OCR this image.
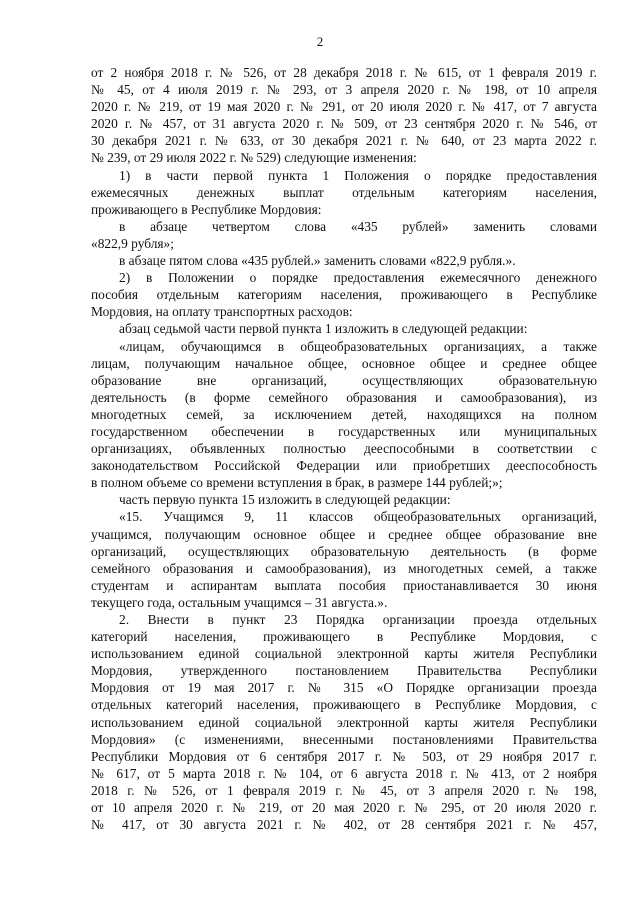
2

от 2 ноября 2018 г. № 526, от 28 декабря 2018 г. № 615, от 1 февраля 2019 г.

№ 45, от 4 июля 2019 г. № 293, от 3 апреля 2020 г. № 198, от 10 апреля

2020 г. № 219, от 19 мая 2020 г. № 291, от 20 июля 2020 г. № 417, от 7 августа

2020 г. № 457, от 31 августа 2020 г. № 509, от 23 сентября 2020 г. № 546, от

30 декабря 2021 г. № 633, от 30 декабря 2021 г. № 640, от 23 марта 2022 г.

№ 239, от 29 июля 2022 г. № 529) следующие изменения:

1) в части первой пункта 1 Положения о порядке предоставления

ежемесячных денежных выплат отдельным категориям населения,

проживающего в Республике Мордовия:

в абзаце четвертом слова «435 рублей» заменить словами

«822,9 рубля»;

в абзаце пятом слова «435 рублей.» заменить словами «822,9 рубля.».

2) в Положении о порядке предоставления ежемесячного денежного

пособия отдельным категориям населения, проживающего в Республике

Мордовия, на оплату транспортных расходов:

абзац седьмой части первой пункта 1 изложить в следующей редакции:

«лицам, обучающимся в общеобразовательных организациях, а также

лицам, получающим начальное общее, основное общее и среднее общее

образование вне организаций, осуществляющих образовательную

деятельность (в форме семейного образования и самообразования), из

многодетных семей, за исключением детей, находящихся на полном

государственном обеспечении в государственных или муниципальных

организациях, объявленных полностью дееспособными в соответствии с

законодательством Российской Федерации или приобретших дееспособность

в полном объеме со времени вступления в брак, в размере 144 рублей;»;

часть первую пункта 15 изложить в следующей редакции:

«15. Учащимся 9, 11 классов общеобразовательных организаций,

учащимся, получающим основное общее и среднее общее образование вне

организаций, осуществляющих образовательную деятельность (в форме

семейного образования и самообразования), из многодетных семей, а также

студентам и аспирантам выплата пособия приостанавливается 30 июня

текущего года, остальным учащимся – 31 августа.».

2. Внести в пункт 23 Порядка организации проезда отдельных

категорий населения, проживающего в Республике Мордовия, с

использованием единой социальной электронной карты жителя Республики

Мордовия, утвержденного постановлением Правительства Республики

Мордовия от 19 мая 2017 г. № 315 «О Порядке организации проезда

отдельных категорий населения, проживающего в Республике Мордовия, с

использованием единой социальной электронной карты жителя Республики

Мордовия» (с изменениями, внесенными постановлениями Правительства

Республики Мордовия от 6 сентября 2017 г. № 503, от 29 ноября 2017 г.

№ 617, от 5 марта 2018 г. № 104, от 6 августа 2018 г. № 413, от 2 ноября

2018 г. № 526, от 1 февраля 2019 г. № 45, от 3 апреля 2020 г. № 198,

от 10 апреля 2020 г. № 219, от 20 мая 2020 г. № 295, от 20 июля 2020 г.

№ 417, от 30 августа 2021 г. № 402, от 28 сентября 2021 г. № 457,
